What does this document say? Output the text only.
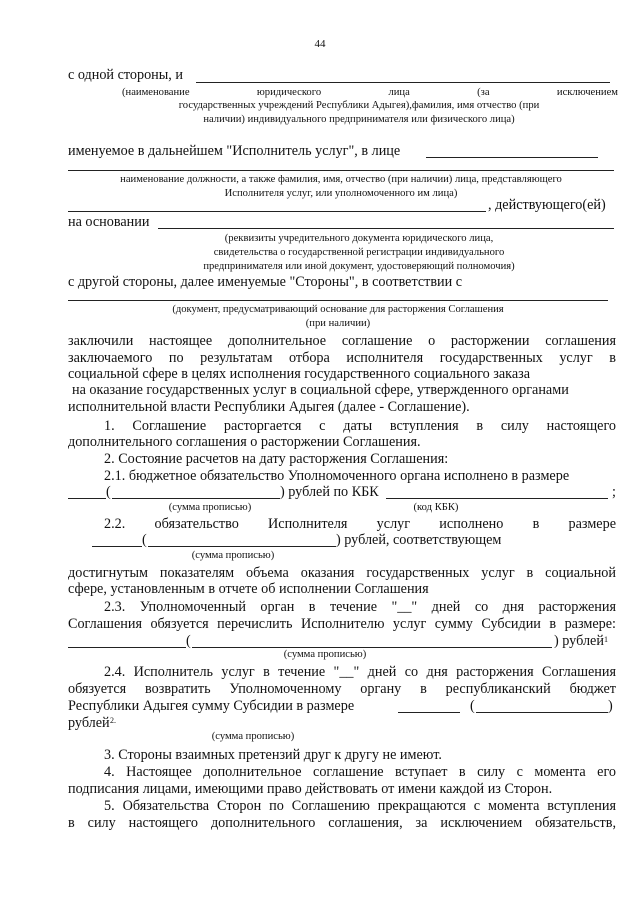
44
с одной стороны, и
(наименование юридического лица (за исключением
государственных учреждений Республики Адыгея),фамилия, имя отчество (при
наличии) индивидуального предпринимателя или физического лица)
именуемое в дальнейшем "Исполнитель услуг", в лице
наименование должности, а также фамилия, имя, отчество (при наличии) лица, представляющего
Исполнителя услуг, или уполномоченного им лица)
, действующего(ей)
на основании
(реквизиты учредительного документа юридического лица,
свидетельства о государственной регистрации индивидуального
предпринимателя или иной документ, удостоверяющий полномочия)
с другой стороны, далее именуемые "Стороны", в соответствии с
(документ, предусматривающий основание для расторжения Соглашения
(при наличии)
заключили настоящее дополнительное соглашение о расторжении соглашения
заключаемого по результатам отбора исполнителя государственных услуг в
социальной сфере в целях исполнения государственного социального заказа
на оказание государственных услуг в социальной сфере, утвержденного органами
исполнительной власти Республики Адыгея (далее - Соглашение).
1. Соглашение расторгается с даты вступления в силу настоящего
дополнительного соглашения о расторжении Соглашения.
2. Состояние расчетов на дату расторжения Соглашения:
2.1. бюджетное обязательство Уполномоченного органа исполнено в размере
(	) рублей по КБК	;
(сумма прописью)	(код КБК)
2.2. обязательство Исполнителя услуг исполнено в размере
(	) рублей, соответствующем
(сумма прописью)
достигнутым показателям объема оказания государственных услуг в социальной
сфере, установленным в отчете об исполнении Соглашения
2.3. Уполномоченный орган в течение "__" дней со дня расторжения
Соглашения обязуется перечислить Исполнителю услуг сумму Субсидии в размере:
(	) рублей 1
(сумма прописью)
2.4. Исполнитель услуг в течение "__" дней со дня расторжения Соглашения
обязуется возвратить Уполномоченному органу в республиканский бюджет
Республики Адыгея сумму Субсидии в размере	(	)
рублей 2.
(сумма прописью)
3. Стороны взаимных претензий друг к другу не имеют.
4. Настоящее дополнительное соглашение вступает в силу с момента его
подписания лицами, имеющими право действовать от имени каждой из Сторон.
5. Обязательства Сторон по Соглашению прекращаются с момента вступления
в силу настоящего дополнительного соглашения, за исключением обязательств,
